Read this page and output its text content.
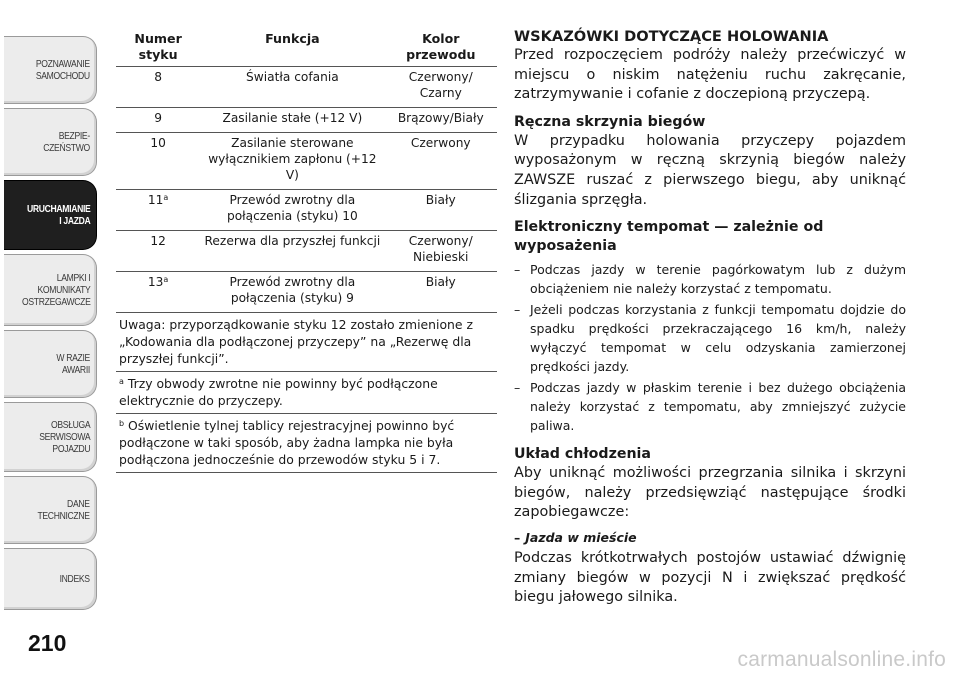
POZNAWANIE
SAMOCHODU
BEZPIE-
CZEŃSTWO
URUCHAMIANIE
I JAZDA
LAMPKI I
KOMUNIKATY
OSTRZEGAWCZE
W RAZIE
AWARII
OBSŁUGA
SERWISOWA
POJAZDU
DANE
TECHNICZNE
INDEKS
210
Numer styku	Funkcja	Kolor przewodu
8	Światła cofania	Czerwony/ Czarny
9	Zasilanie stałe (+12 V)	Brązowy/Biały
10	Zasilanie sterowane wyłącznikiem zapłonu (+12 V)	Czerwony
11$^a$	Przewód zwrotny dla połączenia (styku) 10	Biały
12	Rezerwa dla przyszłej funkcji	Czerwony/ Niebieski
13$^a$	Przewód zwrotny dla połączenia (styku) 9	Biały
Uwaga: przyporządkowanie styku 12 zostało zmienione z „Kodowania dla podłączonej przyczepy” na „Rezerwę dla przyszłej funkcji”.		
$^a$ Trzy obwody zwrotne nie powinny być podłączone elektrycznie do przyczepy.		
$^b$ Oświetlenie tylnej tablicy rejestracyjnej powinno być podłączone w taki sposób, aby żadna lampka nie była podłączona jednocześnie do przewodów styku 5 i 7.		
WSKAZÓWKI DOTYCZĄCE HOLOWANIA

Przed rozpoczęciem podróży należy przećwiczyć w miejscu o niskim natężeniu ruchu zakręcanie, zatrzymywanie i cofanie z doczepioną przyczepą.

Ręczna skrzynia biegów

W przypadku holowania przyczepy pojazdem wyposażonym w ręczną skrzynią biegów należy ZAWSZE ruszać z pierwszego biegu, aby uniknąć ślizgania sprzęgła.

Elektroniczny tempomat — zależnie od wyposażenia
– Podczas jazdy w terenie pagórkowatym lub z dużym obciążeniem nie należy korzystać z tempomatu.
– Jeżeli podczas korzystania z funkcji tempomatu dojdzie do spadku prędkości przekraczającego 16 km/h, należy wyłączyć tempomat w celu odzyskania zamierzonej prędkości jazdy.
– Podczas jazdy w płaskim terenie i bez dużego obciążenia należy korzystać z tempomatu, aby zmniejszyć zużycie paliwa.
Układ chłodzenia

Aby uniknąć możliwości przegrzania silnika i skrzyni biegów, należy przedsięwziąć następujące środki zapobiegawcze:

– Jazda w mieście

Podczas krótkotrwałych postojów ustawiać dźwignię zmiany biegów w pozycji N i zwiększać prędkość biegu jałowego silnika.

carmanualsonline.info
